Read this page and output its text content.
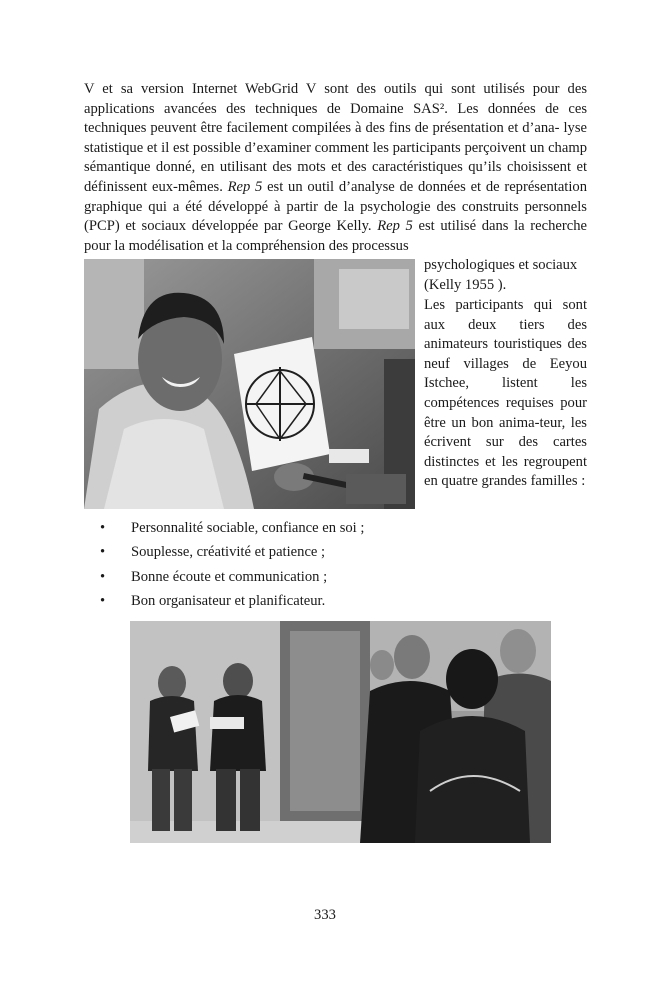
V et sa version Internet WebGrid V sont des outils qui sont utilisés pour des applications avancées des techniques de Domaine SAS². Les données de ces techniques peuvent être facilement compilées à des fins de présentation et d’ana- lyse statistique et il est possible d’examiner comment les participants perçoivent un champ sémantique donné, en utilisant des mots et des caractéristiques qu’ils choisissent et définissent eux-mêmes. Rep 5 est un outil d’analyse de données et de représentation graphique qui a été développé à partir de la psychologie des construits personnels (PCP) et sociaux développée par George Kelly. Rep 5 est utilisé dans la recherche pour la modélisation et la compréhension des processus

psychologiques et sociaux
(Kelly 1955 ).

Les participants qui sont aux deux tiers des animateurs touristiques des neuf villages de Eeyou Istchee, listent les compétences requises pour être un bon anima-teur, les écrivent sur des cartes distinctes et les regroupent en quatre grandes familles :

• Personnalité sociable, confiance en soi ;
• Souplesse, créativité et patience ;
• Bonne écoute et communication ;
• Bon organisateur et planificateur.
333
